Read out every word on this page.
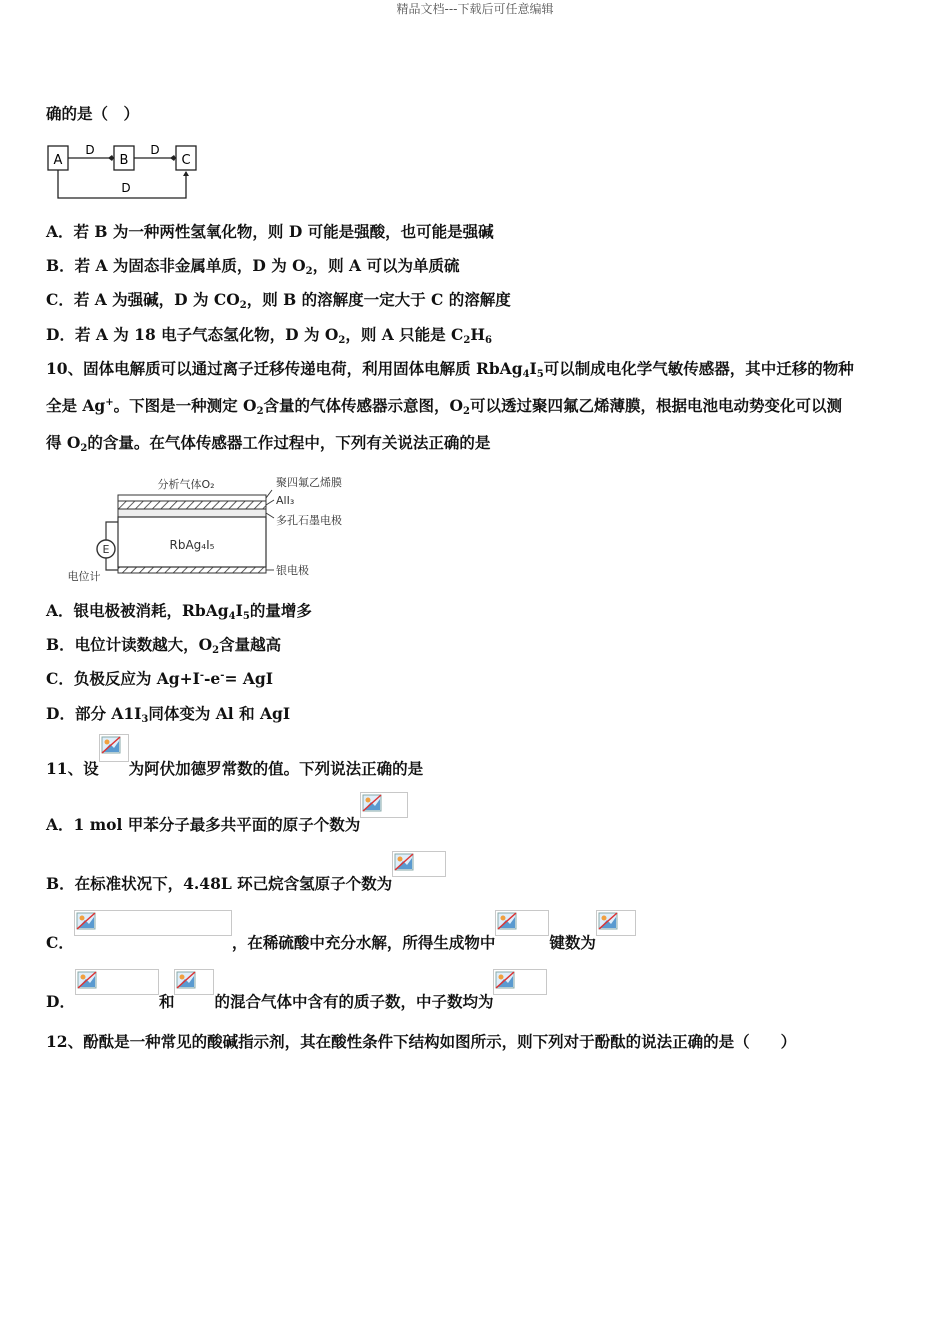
精品文档---下载后可任意编辑
确的是（　）
A	B	C
D	D
D
A．若 B 为一种两性氢氧化物，则 D 可能是强酸，也可能是强碱
B．若 A 为固态非金属单质，D 为 $O_2$，则 A 可以为单质硫
C．若 A 为强碱，D 为 $CO_2$，则 B 的溶解度一定大于 C 的溶解度
D．若 A 为 18 电子气态氢化物，D 为 $O_2$，则 A 只能是 $C_2H_6$
10、固体电解质可以通过离子迁移传递电荷，利用固体电解质 $RbAg_4I_5$可以制成电化学气敏传感器，其中迁移的物种
全是 Ag+。下图是一种测定 $O_2$含量的气体传感器示意图，$O_2$可以透过聚四氟乙烯薄膜，根据电池电动势变化可以测
得 $O_2$的含量。在气体传感器工作过程中，下列有关说法正确的是
分析气体O₂
RbAg₄I₅
E
电位计
聚四氟乙烯膜
AlI₃
多孔石墨电极
银电极
A．银电极被消耗，$RbAg_4I_5$的量增多
B．电位计读数越大，$O_2$含量越高
C．负极反应为 Ag+I--e-= AgI
D．部分 $A1I_3$同体变为 Al 和 AgI
11、设 为阿伏加德罗常数的值。下列说法正确的是
A．1 mol 甲苯分子最多共平面的原子个数为
B．在标准状况下，4.48L 环己烷含氢原子个数为
C．	，在稀硫酸中充分水解，所得生成物中	键数为
D．	和	的混合气体中含有的质子数，中子数均为
12、酚酞是一种常见的酸碱指示剂，其在酸性条件下结构如图所示，则下列对于酚酞的说法正确的是（　　）
